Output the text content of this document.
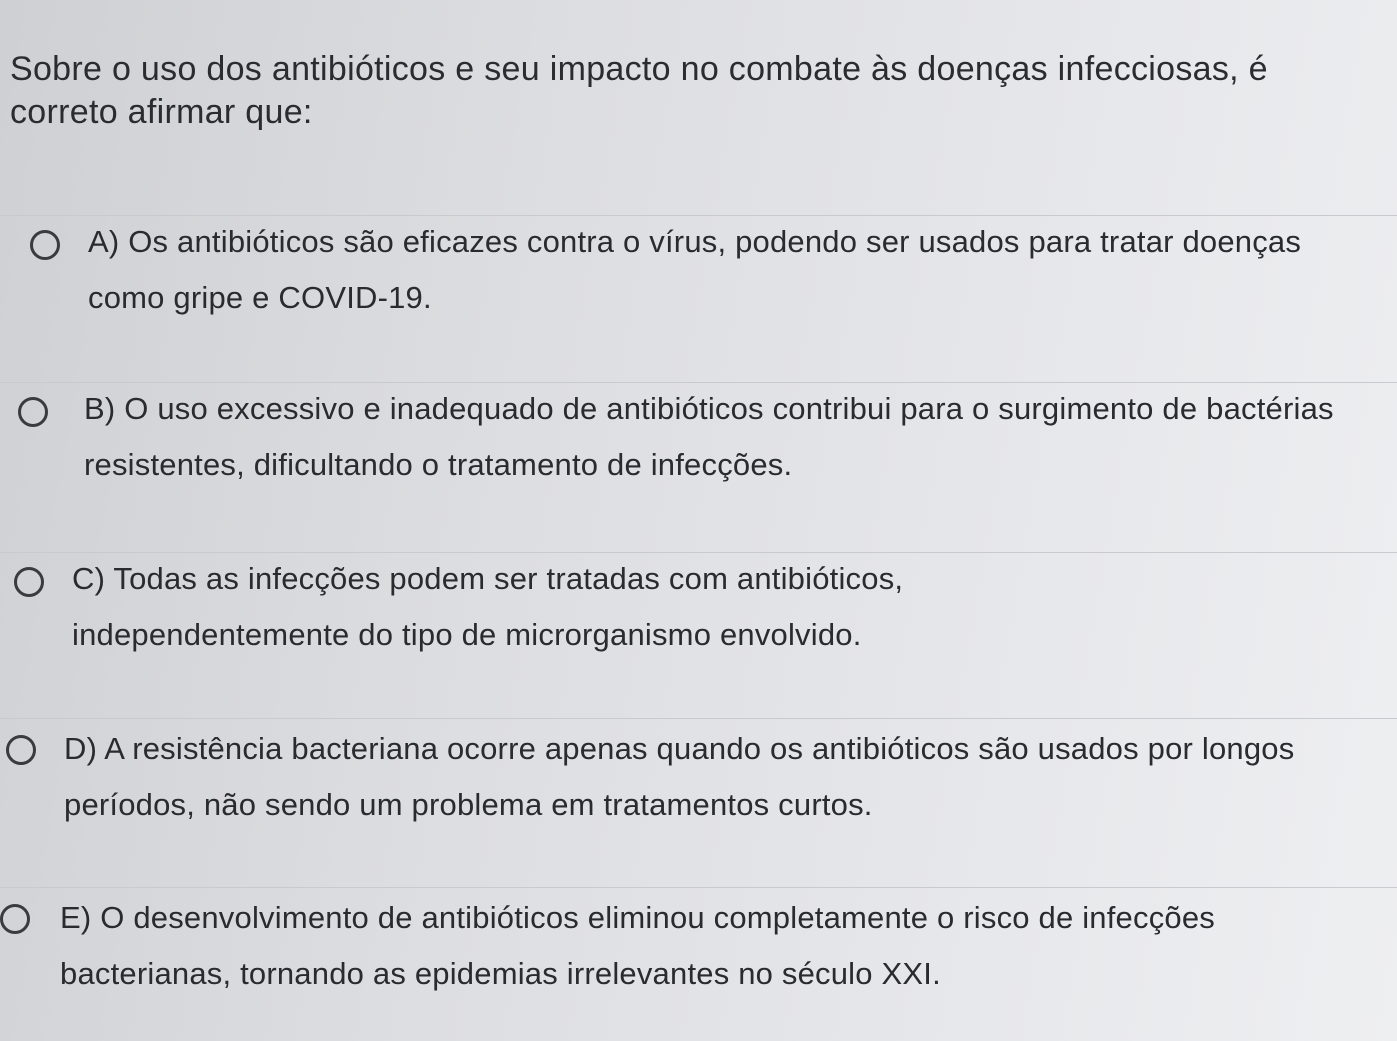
Sobre o uso dos antibióticos e seu impacto no combate às doenças infecciosas, é correto afirmar que:
A) Os antibióticos são eficazes contra o vírus, podendo ser usados para tratar doenças como gripe e COVID-19.
B) O uso excessivo e inadequado de antibióticos contribui para o surgimento de bactérias resistentes, dificultando o tratamento de infecções.
C) Todas as infecções podem ser tratadas com antibióticos, independentemente do tipo de microrganismo envolvido.
D) A resistência bacteriana ocorre apenas quando os antibióticos são usados por longos períodos, não sendo um problema em tratamentos curtos.
E) O desenvolvimento de antibióticos eliminou completamente o risco de infecções bacterianas, tornando as epidemias irrelevantes no século XXI.
